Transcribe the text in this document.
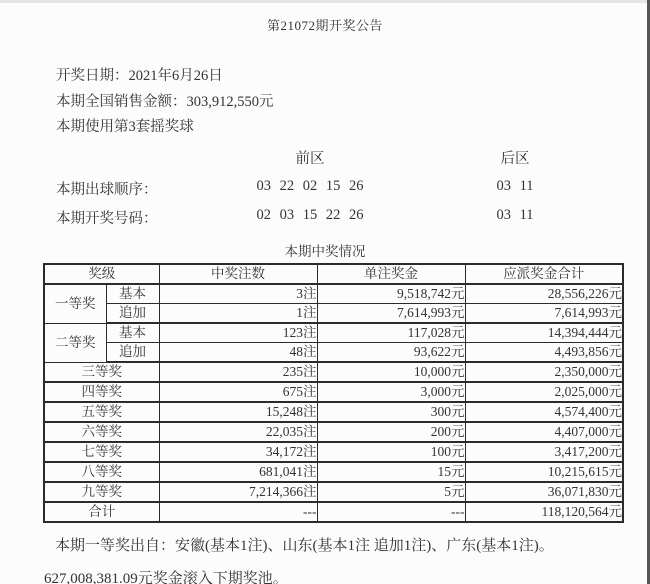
第21072期开奖公告
开奖日期：2021年6月26日
本期全国销售金额：303,912,550元
本期使用第3套摇奖球
前区	后区
本期出球顺序：	03 22 02 15 26	03 11
本期开奖号码：	02 03 15 22 26	03 11
本期中奖情况
奖级		中奖注数	单注奖金	应派奖金合计
一等奖	基本	3注	9,518,742元	28,556,226元
	追加	1注	7,614,993元	7,614,993元
二等奖	基本	123注	117,028元	14,394,444元
	追加	48注	93,622元	4,493,856元
三等奖		235注	10,000元	2,350,000元
四等奖		675注	3,000元	2,025,000元
五等奖		15,248注	300元	4,574,400元
六等奖		22,035注	200元	4,407,000元
七等奖		34,172注	100元	3,417,200元
八等奖		681,041注	15元	10,215,615元
九等奖		7,214,366注	5元	36,071,830元
合计		---	---	118,120,564元
本期一等奖出自：安徽(基本1注)、山东(基本1注 追加1注)、广东(基本1注)。
627,008,381.09元奖金滚入下期奖池。
